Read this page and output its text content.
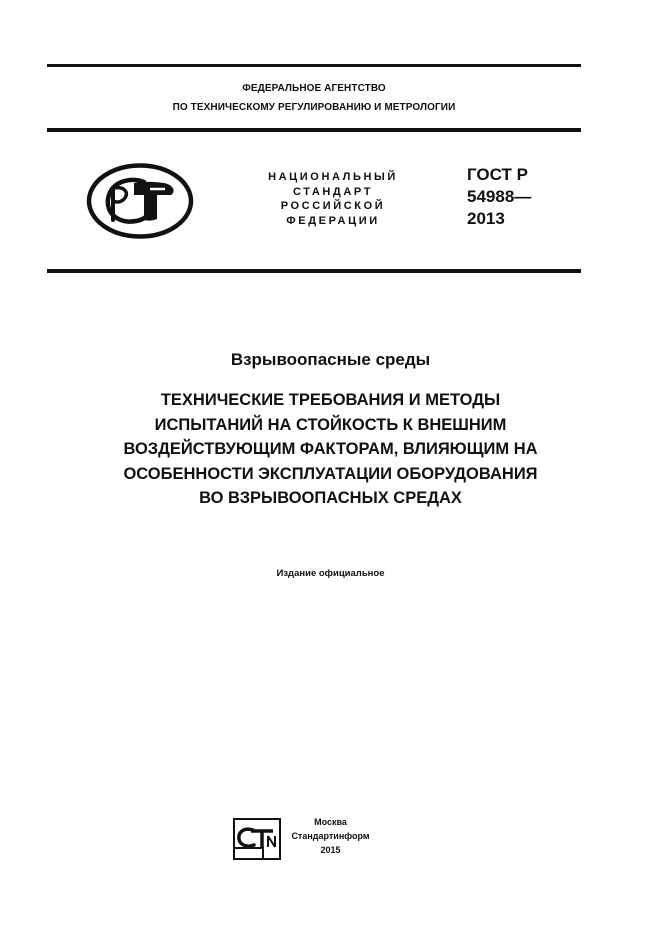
ФЕДЕРАЛЬНОЕ АГЕНТСТВО
ПО ТЕХНИЧЕСКОМУ РЕГУЛИРОВАНИЮ И МЕТРОЛОГИИ
НАЦИОНАЛЬНЫЙ
СТАНДАРТ
РОССИЙСКОЙ
ФЕДЕРАЦИИ
ГОСТ Р
54988—
2013
Взрывоопасные среды
ТЕХНИЧЕСКИЕ ТРЕБОВАНИЯ И МЕТОДЫ
ИСПЫТАНИЙ НА СТОЙКОСТЬ К ВНЕШНИМ
ВОЗДЕЙСТВУЮЩИМ ФАКТОРАМ, ВЛИЯЮЩИМ НА
ОСОБЕННОСТИ ЭКСПЛУАТАЦИИ ОБОРУДОВАНИЯ
ВО ВЗРЫВООПАСНЫХ СРЕДАХ
Издание официальное
Москва
Стандартинформ
2015
